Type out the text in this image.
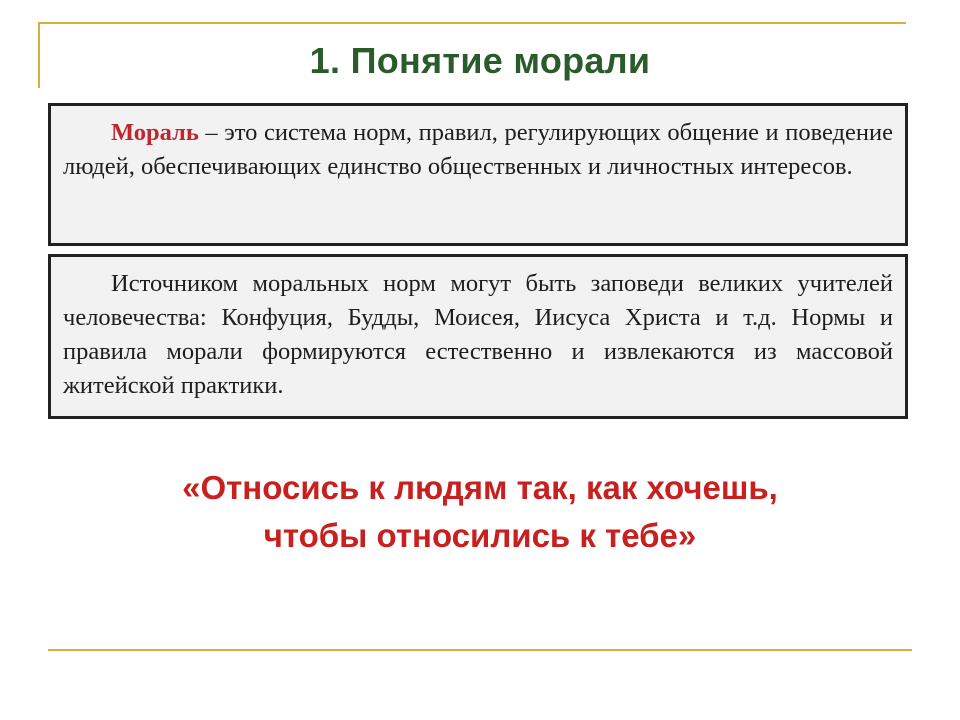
1. Понятие морали
Мораль – это система норм, правил, регулирующих общение и поведение людей, обеспечивающих единство общественных и личностных интересов.
Источником моральных норм могут быть заповеди великих учителей человечества: Конфуция, Будды, Моисея, Иисуса Христа и т.д. Нормы и правила морали формируются естественно и извлекаются из массовой житейской практики.
«Относись к людям так, как хочешь,
чтобы относились к тебе»
